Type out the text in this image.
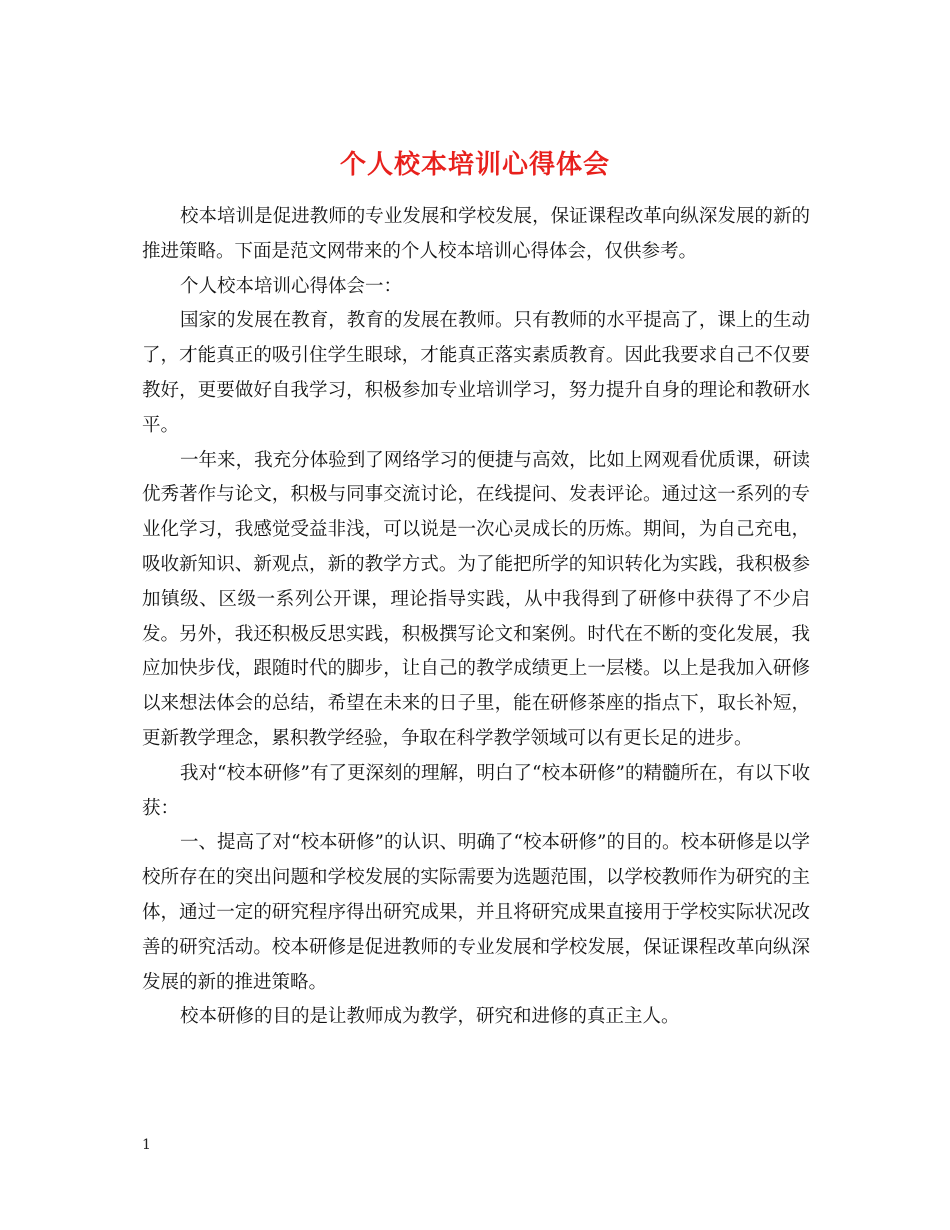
个人校本培训心得体会

校本培训是促进教师的专业发展和学校发展，保证课程改革向纵深发展的新的推进策略。下面是范文网带来的个人校本培训心得体会，仅供参考。

个人校本培训心得体会一：

国家的发展在教育，教育的发展在教师。只有教师的水平提高了，课上的生动了，才能真正的吸引住学生眼球，才能真正落实素质教育。因此我要求自己不仅要教好，更要做好自我学习，积极参加专业培训学习，努力提升自身的理论和教研水平。

一年来，我充分体验到了网络学习的便捷与高效，比如上网观看优质课，研读优秀著作与论文，积极与同事交流讨论，在线提问、发表评论。通过这一系列的专业化学习，我感觉受益非浅，可以说是一次心灵成长的历炼。期间，为自己充电，吸收新知识、新观点，新的教学方式。为了能把所学的知识转化为实践，我积极参加镇级、区级一系列公开课，理论指导实践，从中我得到了研修中获得了不少启发。另外，我还积极反思实践，积极撰写论文和案例。时代在不断的变化发展，我应加快步伐，跟随时代的脚步，让自己的教学成绩更上一层楼。以上是我加入研修以来想法体会的总结，希望在未来的日子里，能在研修茶座的指点下，取长补短，更新教学理念，累积教学经验，争取在科学教学领域可以有更长足的进步。

我对“校本研修”有了更深刻的理解，明白了“校本研修”的精髓所在，有以下收获：

一、提高了对“校本研修”的认识、明确了“校本研修”的目的。校本研修是以学校所存在的突出问题和学校发展的实际需要为选题范围，以学校教师作为研究的主体，通过一定的研究程序得出研究成果，并且将研究成果直接用于学校实际状况改善的研究活动。校本研修是促进教师的专业发展和学校发展，保证课程改革向纵深发展的新的推进策略。

校本研修的目的是让教师成为教学，研究和进修的真正主人。

1
